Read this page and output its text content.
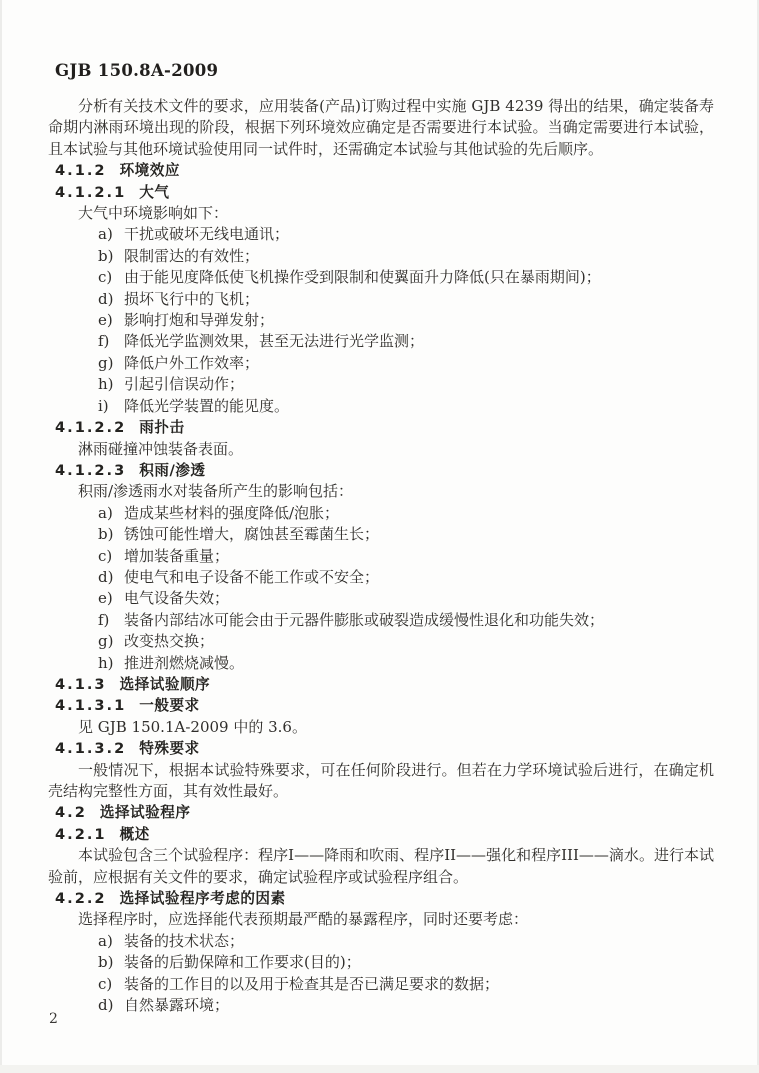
GJB 150.8A-2009

分析有关技术文件的要求，应用装备(产品)订购过程中实施 GJB 4239 得出的结果，确定装备寿命期内淋雨环境出现的阶段，根据下列环境效应确定是否需要进行本试验。当确定需要进行本试验，且本试验与其他环境试验使用同一试件时，还需确定本试验与其他试验的先后顺序。

4.1.2 环境效应
4.1.2.1 大气

大气中环境影响如下：

a) 干扰或破坏无线电通讯；
b) 限制雷达的有效性；
c) 由于能见度降低使飞机操作受到限制和使翼面升力降低(只在暴雨期间)；
d) 损坏飞行中的飞机；
e) 影响打炮和导弹发射；
f) 降低光学监测效果，甚至无法进行光学监测；
g) 降低户外工作效率；
h) 引起引信误动作；
i) 降低光学装置的能见度。
4.1.2.2 雨扑击

淋雨碰撞冲蚀装备表面。

4.1.2.3 积雨/渗透

积雨/渗透雨水对装备所产生的影响包括：

a) 造成某些材料的强度降低/泡胀；
b) 锈蚀可能性增大，腐蚀甚至霉菌生长；
c) 增加装备重量；
d) 使电气和电子设备不能工作或不安全；
e) 电气设备失效；
f) 装备内部结冰可能会由于元器件膨胀或破裂造成缓慢性退化和功能失效；
g) 改变热交换；
h) 推进剂燃烧减慢。
4.1.3 选择试验顺序
4.1.3.1 一般要求

见 GJB 150.1A-2009 中的 3.6。

4.1.3.2 特殊要求

一般情况下，根据本试验特殊要求，可在任何阶段进行。但若在力学环境试验后进行，在确定机壳结构完整性方面，其有效性最好。

4.2 选择试验程序
4.2.1 概述

本试验包含三个试验程序：程序I——降雨和吹雨、程序II——强化和程序III——滴水。进行本试验前，应根据有关文件的要求，确定试验程序或试验程序组合。

4.2.2 选择试验程序考虑的因素

选择程序时，应选择能代表预期最严酷的暴露程序，同时还要考虑：

a) 装备的技术状态；
b) 装备的后勤保障和工作要求(目的)；
c) 装备的工作目的以及用于检查其是否已满足要求的数据；
d) 自然暴露环境；
2
